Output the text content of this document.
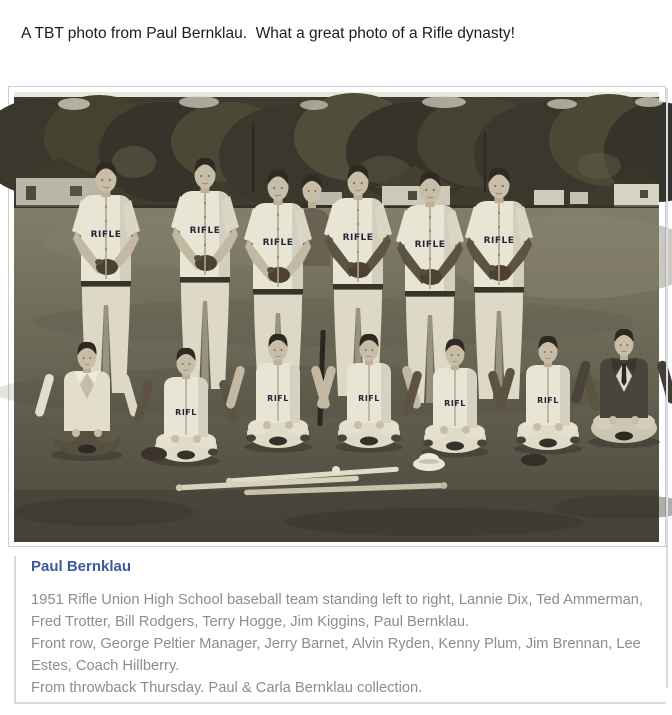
A TBT photo from Paul Bernklau.  What a great photo of a Rifle dynasty!
Paul Bernklau

1951 Rifle Union High School baseball team standing left to right, Lannie Dix, Ted Ammerman, Fred Trotter, Bill Rodgers, Terry Hogge, Jim Kiggins, Paul Bernklau.

Front row, George Peltier Manager, Jerry Barnet, Alvin Ryden, Kenny Plum, Jim Brennan, Lee Estes, Coach Hillberry.

From throwback Thursday. Paul & Carla Bernklau collection.
